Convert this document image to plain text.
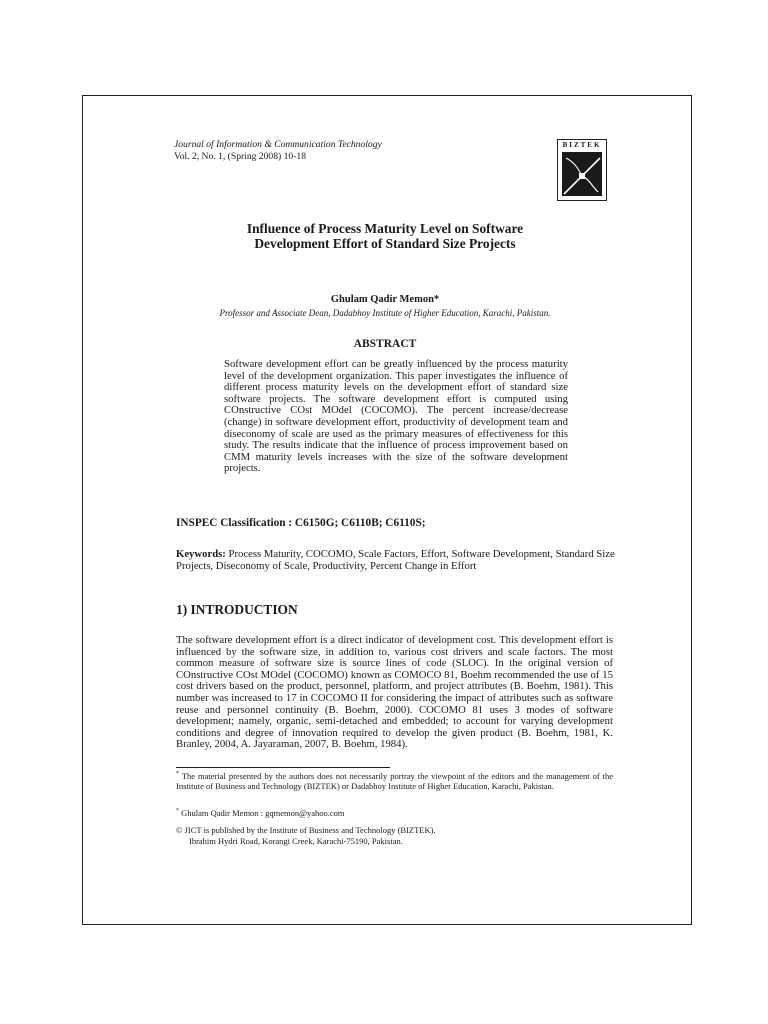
Journal of Information & Communication Technology
Vol. 2, No. 1, (Spring 2008) 10-18
BIZTEK
Influence of Process Maturity Level on Software
Development Effort of Standard Size Projects
Ghulam Qadir Memon*
Professor and Associate Dean, Dadabhoy Institute of Higher Education, Karachi, Pakistan.
ABSTRACT
Software development effort can be greatly influenced by the process maturity level of the development organization. This paper investigates the influence of different process maturity levels on the development effort of standard size software projects. The software development effort is computed using COnstructive COst MOdel (COCOMO). The percent increase/decrease (change) in software development effort, productivity of development team and diseconomy of scale are used as the primary measures of effectiveness for this study. The results indicate that the influence of process improvement based on CMM maturity levels increases with the size of the software development projects.
INSPEC Classification : C6150G; C6110B; C6110S;
Keywords: Process Maturity, COCOMO, Scale Factors, Effort, Software Development, Standard Size Projects, Diseconomy of Scale, Productivity, Percent Change in Effort
1) INTRODUCTION
The software development effort is a direct indicator of development cost. This development effort is influenced by the software size, in addition to, various cost drivers and scale factors. The most common measure of software size is source lines of code (SLOC). In the original version of COnstructive COst MOdel (COCOMO) known as COMOCO 81, Boehm recommended the use of 15 cost drivers based on the product, personnel, platform, and project attributes (B. Boehm, 1981). This number was increased to 17 in COCOMO II for considering the impact of attributes such as software reuse and personnel continuity (B. Boehm, 2000). COCOMO 81 uses 3 modes of software development; namely, organic, semi-detached and embedded; to account for varying development conditions and degree of innovation required to develop the given product (B. Boehm, 1981, K. Branley, 2004, A. Jayaraman, 2007, B. Boehm, 1984).
* The material presented by the authors does not necessarily portray the viewpoint of the editors and the management of the Institute of Business and Technology (BIZTEK) or Dadabhoy Institute of Higher Education, Karachi, Pakistan.
* Ghulam Qadir Memon : gqmemon@yahoo.com
© JICT is published by the Institute of Business and Technology (BIZTEK).
Ibrahim Hydri Road, Korangi Creek, Karachi-75190, Pakistan.
